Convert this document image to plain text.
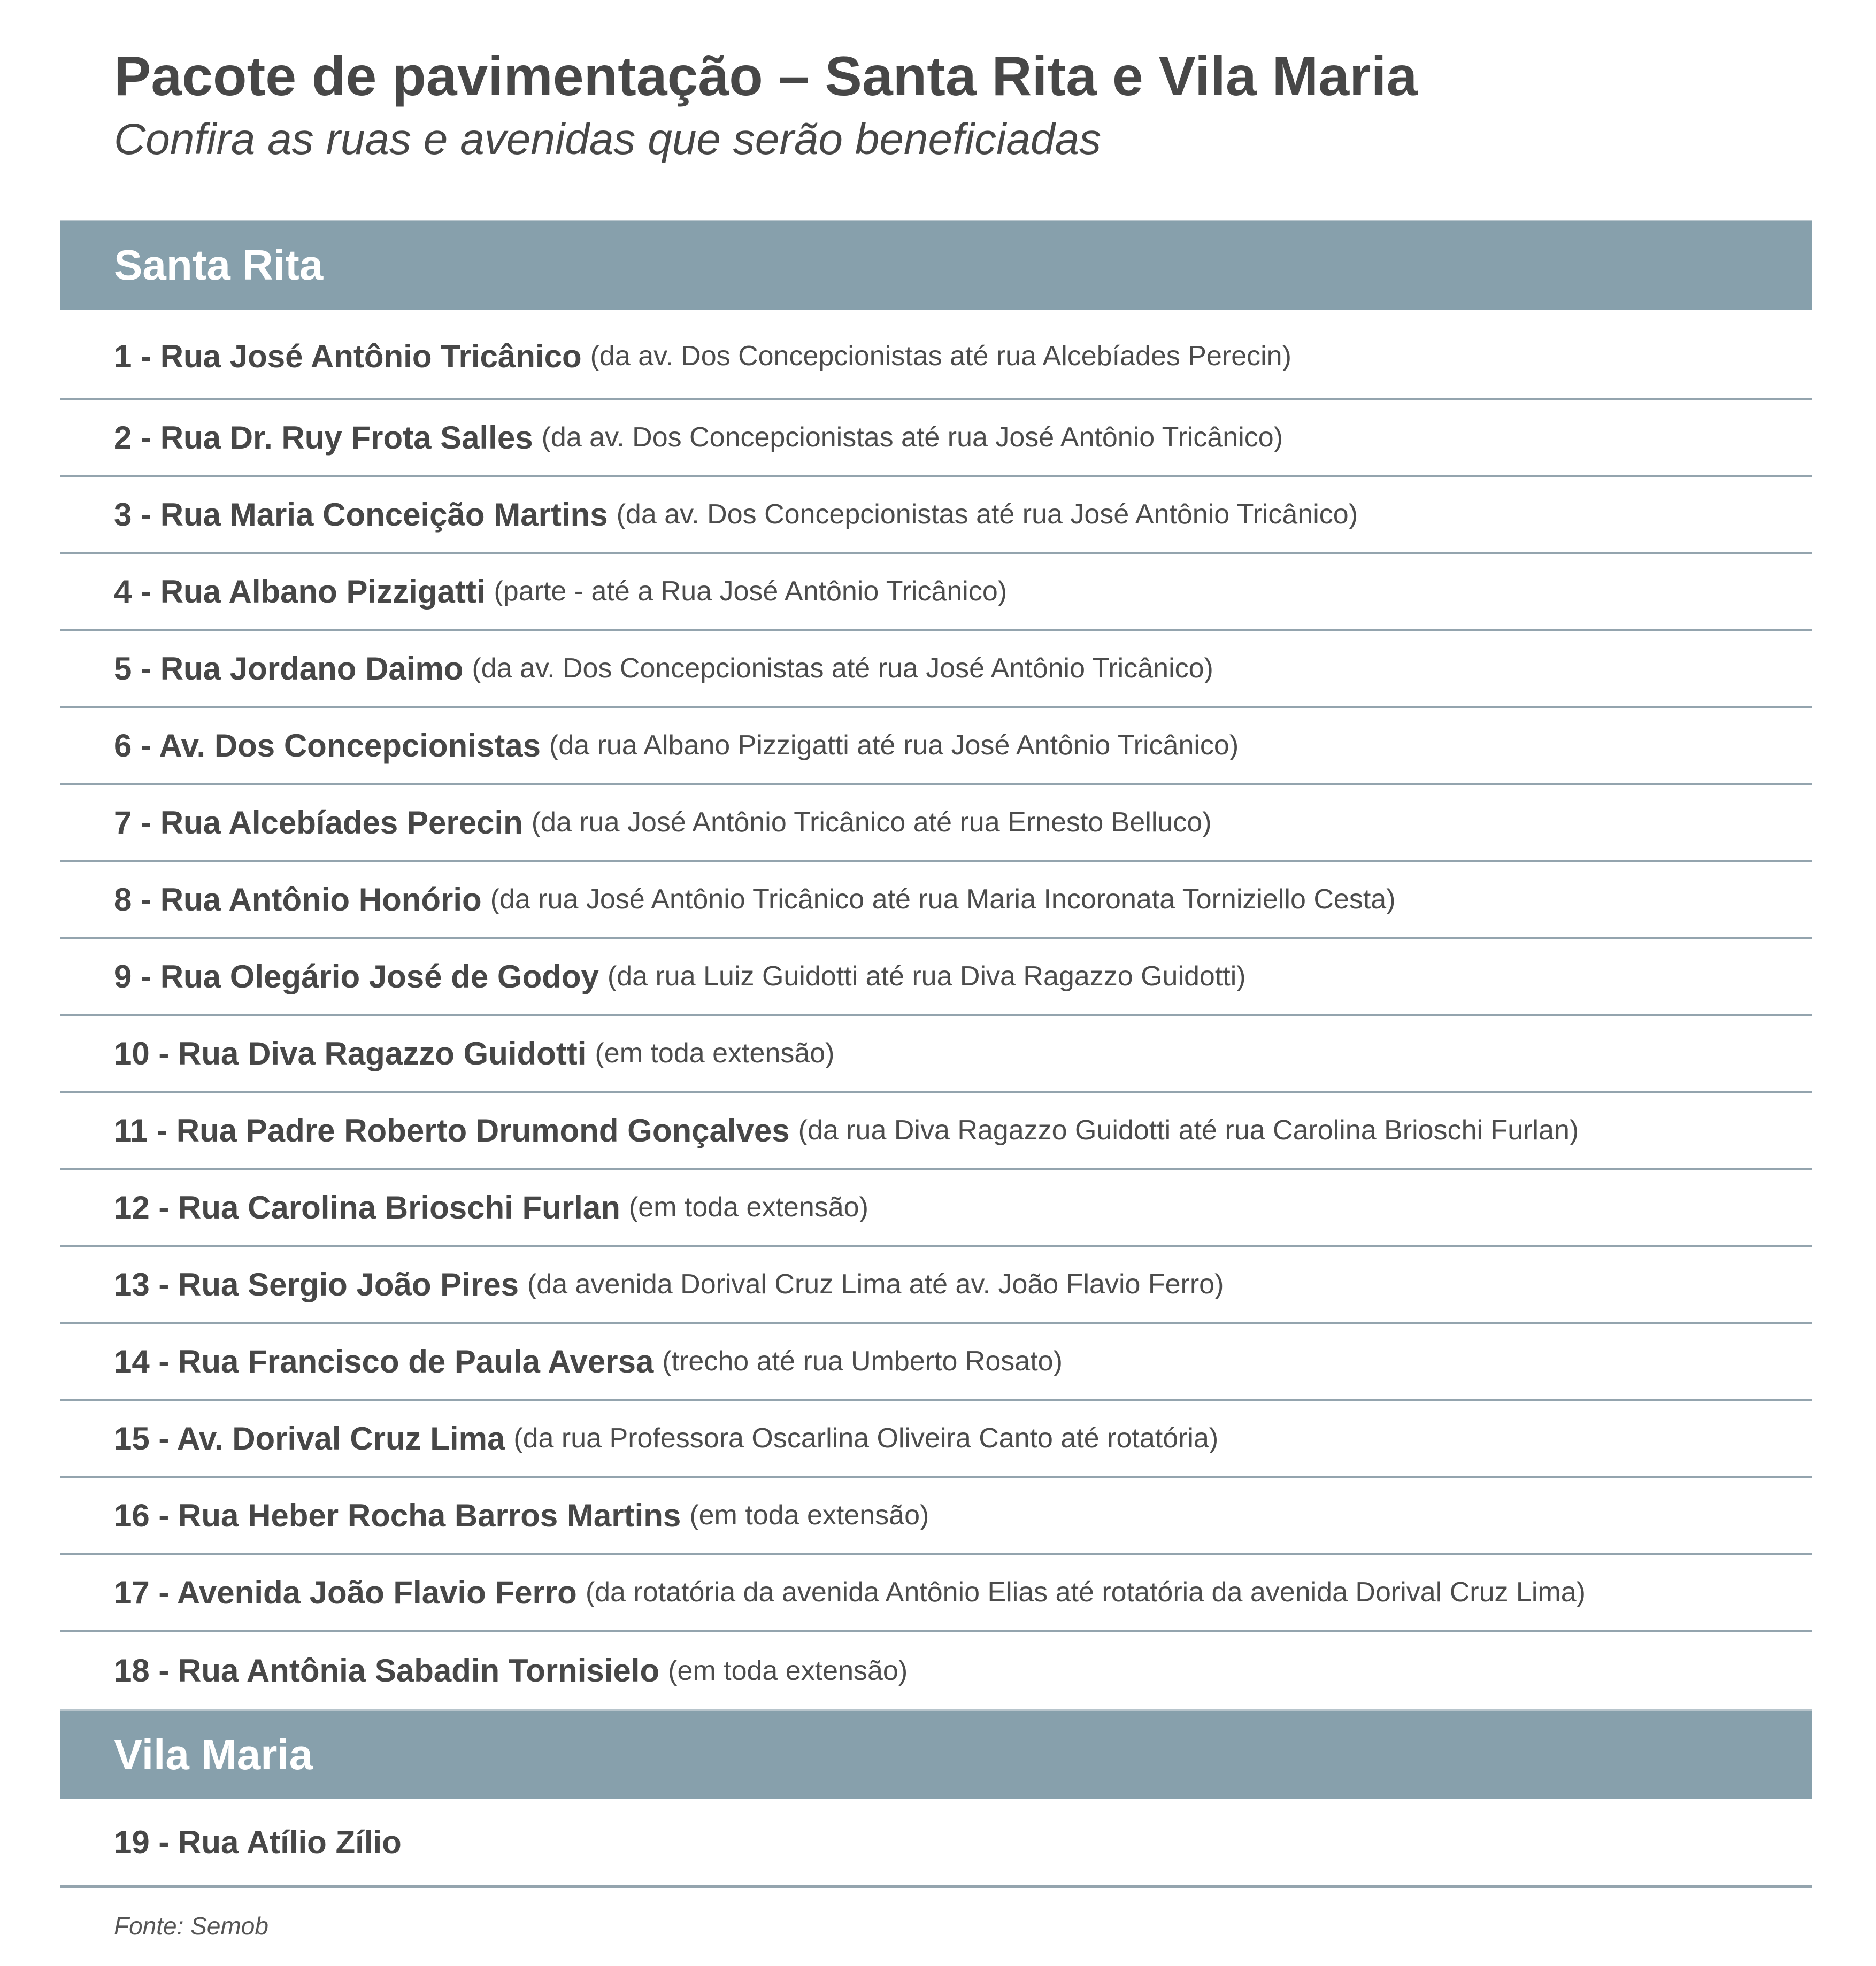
Pacote de pavimentação – Santa Rita e Vila Maria

Confira as ruas e avenidas que serão beneficiadas

Santa Rita
1 - Rua José Antônio Tricânico (da av. Dos Concepcionistas até rua Alcebíades Perecin)
2 - Rua Dr. Ruy Frota Salles (da av. Dos Concepcionistas até rua José Antônio Tricânico)
3 - Rua Maria Conceição Martins (da av. Dos Concepcionistas até rua José Antônio Tricânico)
4 - Rua Albano Pizzigatti (parte - até a Rua José Antônio Tricânico)
5 - Rua Jordano Daimo (da av. Dos Concepcionistas até rua José Antônio Tricânico)
6 - Av. Dos Concepcionistas (da rua Albano Pizzigatti até rua José Antônio Tricânico)
7 - Rua Alcebíades Perecin (da rua José Antônio Tricânico até rua Ernesto Belluco)
8 - Rua Antônio Honório (da rua José Antônio Tricânico até rua Maria Incoronata Torniziello Cesta)
9 - Rua Olegário José de Godoy (da rua Luiz Guidotti até rua Diva Ragazzo Guidotti)
10 - Rua Diva Ragazzo Guidotti (em toda extensão)
11 - Rua Padre Roberto Drumond Gonçalves (da rua Diva Ragazzo Guidotti até rua Carolina Brioschi Furlan)
12 - Rua Carolina Brioschi Furlan (em toda extensão)
13 - Rua Sergio João Pires (da avenida Dorival Cruz Lima até av. João Flavio Ferro)
14 - Rua Francisco de Paula Aversa (trecho até rua Umberto Rosato)
15 - Av. Dorival Cruz Lima (da rua Professora Oscarlina Oliveira Canto até rotatória)
16 - Rua Heber Rocha Barros Martins (em toda extensão)
17 - Avenida João Flavio Ferro (da rotatória da avenida Antônio Elias até rotatória da avenida Dorival Cruz Lima)
18 - Rua Antônia Sabadin Tornisielo (em toda extensão)
Vila Maria
19 - Rua Atílio Zílio

Fonte: Semob
